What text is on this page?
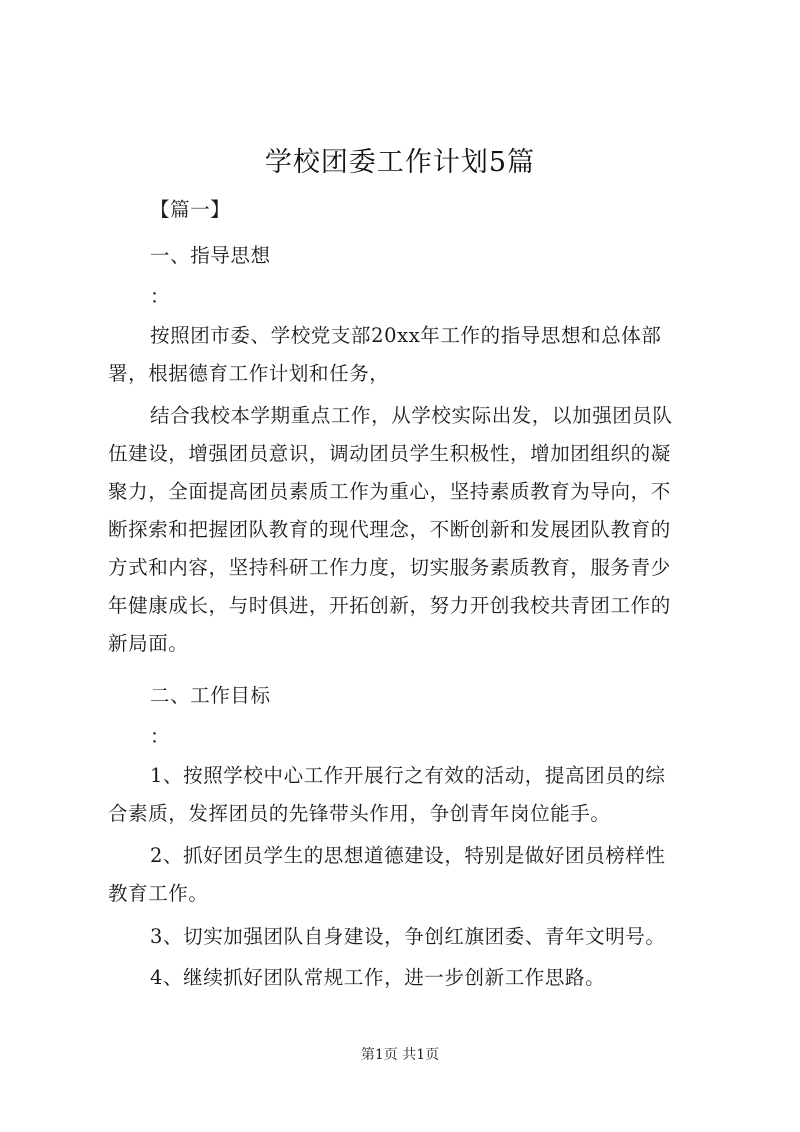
学校团委工作计划5篇
【篇一】
一、指导思想
：
按照团市委、学校党支部20xx年工作的指导思想和总体部
署，根据德育工作计划和任务，
结合我校本学期重点工作，从学校实际出发，以加强团员队
伍建设，增强团员意识，调动团员学生积极性，增加团组织的凝
聚力，全面提高团员素质工作为重心，坚持素质教育为导向，不
断探索和把握团队教育的现代理念，不断创新和发展团队教育的
方式和内容，坚持科研工作力度，切实服务素质教育，服务青少
年健康成长，与时俱进，开拓创新，努力开创我校共青团工作的
新局面。
二、工作目标
：
1、按照学校中心工作开展行之有效的活动，提高团员的综
合素质，发挥团员的先锋带头作用，争创青年岗位能手。
2、抓好团员学生的思想道德建设，特别是做好团员榜样性
教育工作。
3、切实加强团队自身建设，争创红旗团委、青年文明号。
4、继续抓好团队常规工作，进一步创新工作思路。
第1页 共1页
